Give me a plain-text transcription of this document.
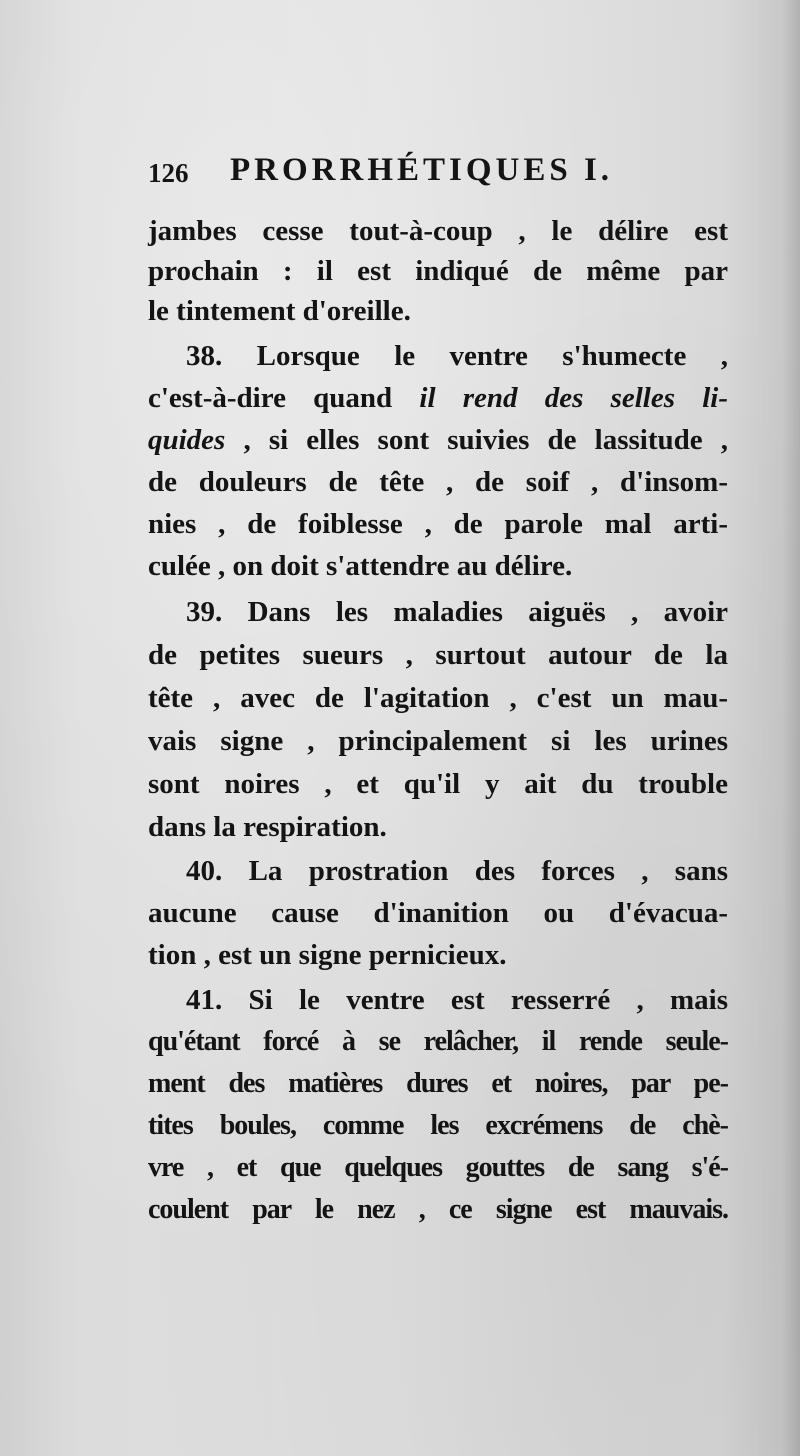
126 PRORRHÉTIQUES I.
jambes cesse tout-à-coup , le délire est
prochain : il est indiqué de même par
le tintement d'oreille.
38. Lorsque le ventre s'humecte ,
c'est-à-dire quand il rend des selles li-
quides , si elles sont suivies de lassitude ,
de douleurs de tête , de soif , d'insom-
nies , de foiblesse , de parole mal arti-
culée , on doit s'attendre au délire.
39. Dans les maladies aiguës , avoir
de petites sueurs , surtout autour de la
tête , avec de l'agitation , c'est un mau-
vais signe , principalement si les urines
sont noires , et qu'il y ait du trouble
dans la respiration.
40. La prostration des forces , sans
aucune cause d'inanition ou d'évacua-
tion , est un signe pernicieux.
41. Si le ventre est resserré , mais
qu'étant forcé à se relâcher, il rende seule-
ment des matières dures et noires, par pe-
tites boules, comme les excrémens de chè-
vre , et que quelques gouttes de sang s'é-
coulent par le nez , ce signe est mauvais.
